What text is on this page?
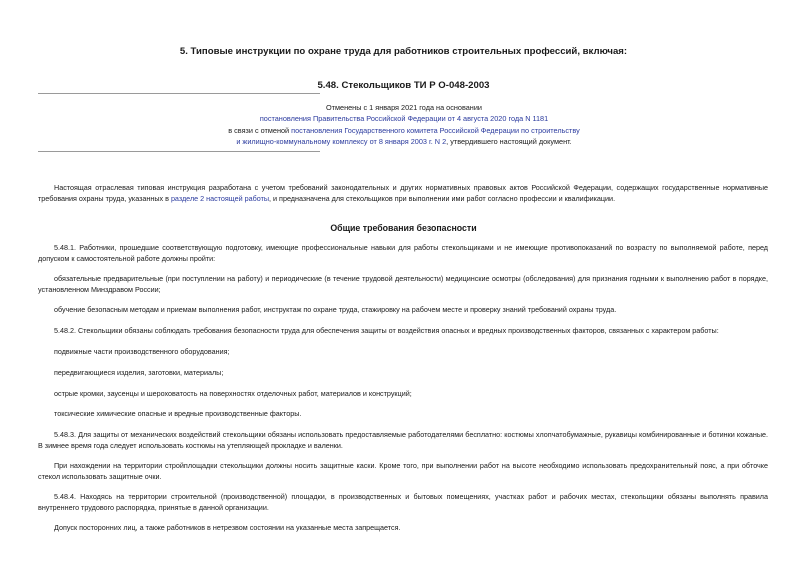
5. Типовые инструкции по охране труда для работников строительных профессий, включая:
5.48. Стекольщиков ТИ Р О-048-2003
Отменены с 1 января 2021 года на основании
постановления Правительства Российской Федерации от 4 августа 2020 года N 1181
в связи с отменой постановления Государственного комитета Российской Федерации по строительству
и жилищно-коммунальному комплексу от 8 января 2003 г. N 2, утвердившего настоящий документ.
Настоящая отраслевая типовая инструкция разработана с учетом требований законодательных и других нормативных правовых актов Российской Федерации, содержащих государственные нормативные требования охраны труда, указанных в разделе 2 настоящей работы, и предназначена для стекольщиков при выполнении ими работ согласно профессии и квалификации.
Общие требования безопасности
5.48.1. Работники, прошедшие соответствующую подготовку, имеющие профессиональные навыки для работы стекольщиками и не имеющие противопоказаний по возрасту по выполняемой работе, перед допуском к самостоятельной работе должны пройти:
обязательные предварительные (при поступлении на работу) и периодические (в течение трудовой деятельности) медицинские осмотры (обследования) для признания годными к выполнению работ в порядке, установленном Минздравом России;
обучение безопасным методам и приемам выполнения работ, инструктаж по охране труда, стажировку на рабочем месте и проверку знаний требований охраны труда.
5.48.2. Стекольщики обязаны соблюдать требования безопасности труда для обеспечения защиты от воздействия опасных и вредных производственных факторов, связанных с характером работы:
подвижные части производственного оборудования;
передвигающиеся изделия, заготовки, материалы;
острые кромки, заусенцы и шероховатость на поверхностях отделочных работ, материалов и конструкций;
токсические химические опасные и вредные производственные факторы.
5.48.3. Для защиты от механических воздействий стекольщики обязаны использовать предоставляемые работодателями бесплатно: костюмы хлопчатобумажные, рукавицы комбинированные и ботинки кожаные. В зимнее время года следует использовать костюмы на утепляющей прокладке и валенки.
При нахождении на территории стройплощадки стекольщики должны носить защитные каски. Кроме того, при выполнении работ на высоте необходимо использовать предохранительный пояс, а при обточке стекол использовать защитные очки.
5.48.4. Находясь на территории строительной (производственной) площадки, в производственных и бытовых помещениях, участках работ и рабочих местах, стекольщики обязаны выполнять правила внутреннего трудового распорядка, принятые в данной организации.
Допуск посторонних лиц, а также работников в нетрезвом состоянии на указанные места запрещается.
